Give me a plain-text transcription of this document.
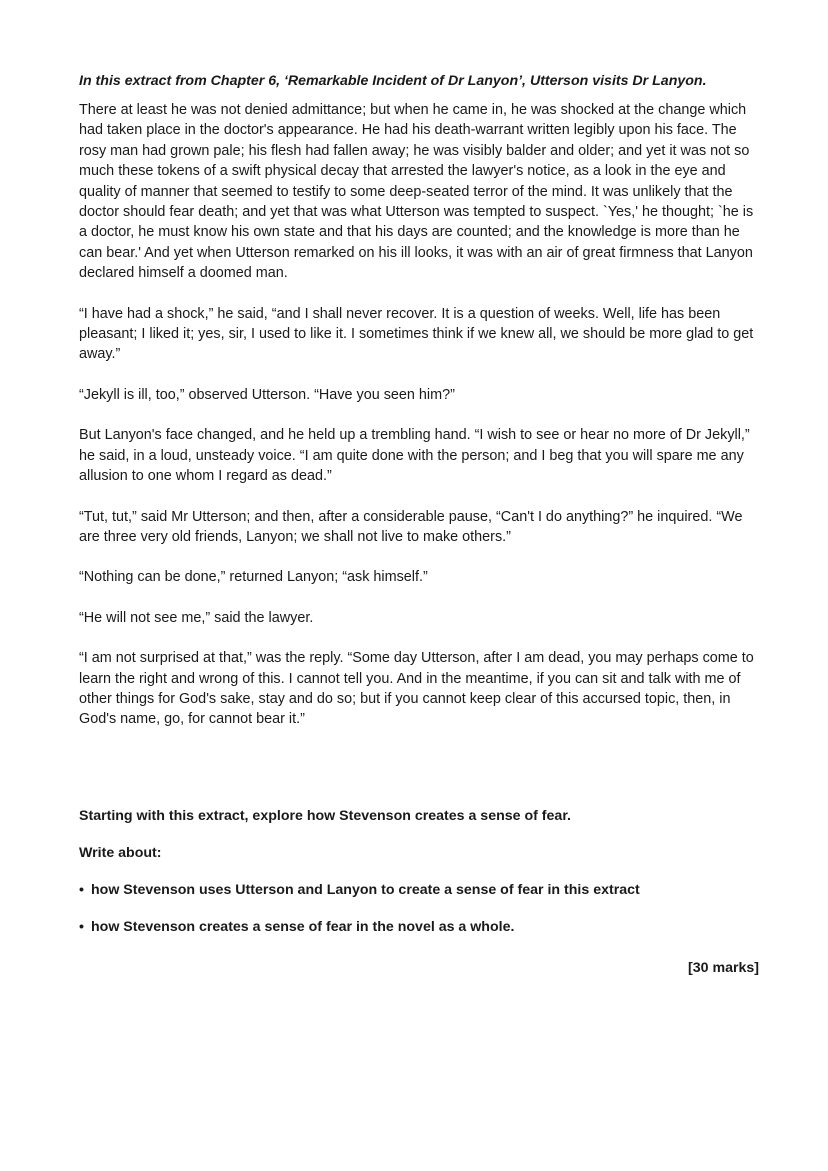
In this extract from Chapter 6, ‘Remarkable Incident of Dr Lanyon’, Utterson visits Dr Lanyon.

There at least he was not denied admittance; but when he came in, he was shocked at the change which had taken place in the doctor's appearance. He had his death-warrant written legibly upon his face. The rosy man had grown pale; his flesh had fallen away; he was visibly balder and older; and yet it was not so much these tokens of a swift physical decay that arrested the lawyer's notice, as a look in the eye and quality of manner that seemed to testify to some deep-seated terror of the mind. It was unlikely that the doctor should fear death; and yet that was what Utterson was tempted to suspect. `Yes,' he thought; `he is a doctor, he must know his own state and that his days are counted; and the knowledge is more than he can bear.' And yet when Utterson remarked on his ill looks, it was with an air of great firmness that Lanyon declared himself a doomed man.

“I have had a shock,” he said, “and I shall never recover. It is a question of weeks. Well, life has been pleasant; I liked it; yes, sir, I used to like it. I sometimes think if we knew all, we should be more glad to get away.”

“Jekyll is ill, too,” observed Utterson. “Have you seen him?”

But Lanyon's face changed, and he held up a trembling hand. “I wish to see or hear no more of Dr Jekyll,” he said, in a loud, unsteady voice. “I am quite done with the person; and I beg that you will spare me any allusion to one whom I regard as dead.”

“Tut, tut,” said Mr Utterson; and then, after a considerable pause, “Can't I do anything?” he inquired. “We are three very old friends, Lanyon; we shall not live to make others.”

“Nothing can be done,” returned Lanyon; “ask himself.”

“He will not see me,” said the lawyer.

“I am not surprised at that,” was the reply. “Some day Utterson, after I am dead, you may perhaps come to learn the right and wrong of this. I cannot tell you. And in the meantime, if you can sit and talk with me of other things for God's sake, stay and do so; but if you cannot keep clear of this accursed topic, then, in God's name, go, for cannot bear it.”

Starting with this extract, explore how Stevenson creates a sense of fear.

Write about:

• how Stevenson uses Utterson and Lanyon to create a sense of fear in this extract

• how Stevenson creates a sense of fear in the novel as a whole.

[30 marks]
